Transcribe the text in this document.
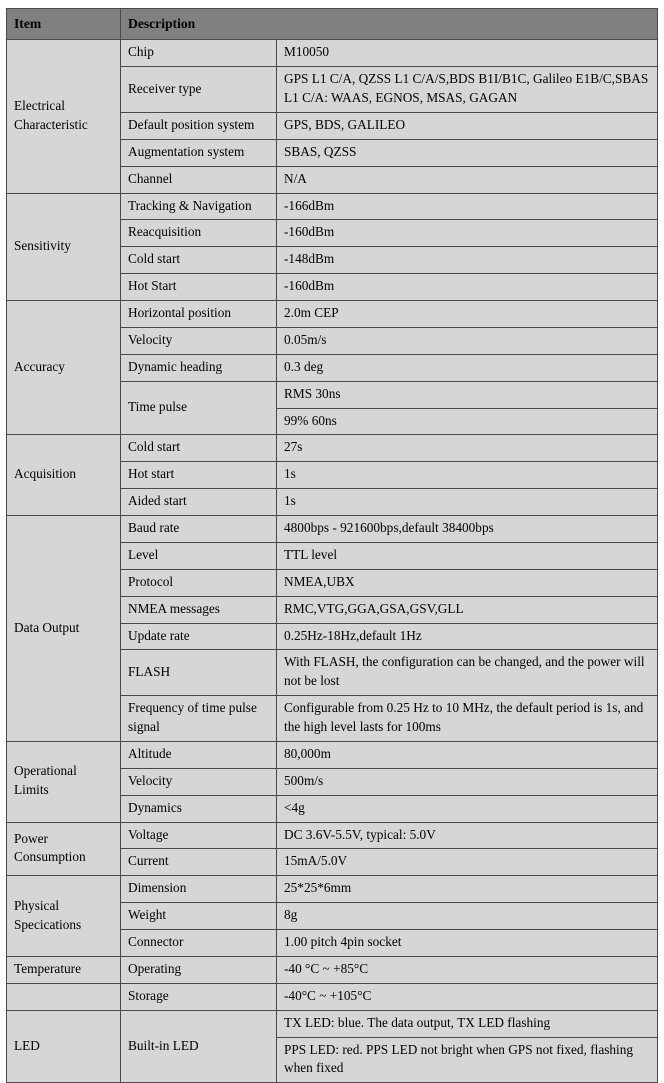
Item	Description	
Electrical Characteristic	Chip	M10050
	Receiver type	GPS L1 C/A, QZSS L1 C/A/S,BDS B1I/B1C, Galileo E1B/C,SBAS L1 C/A: WAAS, EGNOS, MSAS, GAGAN
	Default position system	GPS, BDS, GALILEO
	Augmentation system	SBAS, QZSS
	Channel	N/A
Sensitivity	Tracking & Navigation	-166dBm
	Reacquisition	-160dBm
	Cold start	-148dBm
	Hot Start	-160dBm
Accuracy	Horizontal position	2.0m CEP
	Velocity	0.05m/s
	Dynamic heading	0.3 deg
	Time pulse	RMS 30ns
		99% 60ns
Acquisition	Cold start	27s
	Hot start	1s
	Aided start	1s
Data Output	Baud rate	4800bps - 921600bps,default 38400bps
	Level	TTL level
	Protocol	NMEA,UBX
	NMEA messages	RMC,VTG,GGA,GSA,GSV,GLL
	Update rate	0.25Hz-18Hz,default 1Hz
	FLASH	With FLASH, the configuration can be changed, and the power will not be lost
	Frequency of time pulse signal	Configurable from 0.25 Hz to 10 MHz, the default period is 1s, and the high level lasts for 100ms
Operational Limits	Altitude	80,000m
	Velocity	500m/s
	Dynamics	<4g
Power Consumption	Voltage	DC 3.6V-5.5V, typical: 5.0V
	Current	15mA/5.0V
Physical Specications	Dimension	25*25*6mm
	Weight	8g
	Connector	1.00 pitch 4pin socket
Temperature	Operating	-40 °C ~ +85°C
	Storage	-40°C ~ +105°C
LED	Built-in LED	TX LED: blue. The data output, TX LED flashing
		PPS LED: red. PPS LED not bright when GPS not fixed, flashing when fixed
